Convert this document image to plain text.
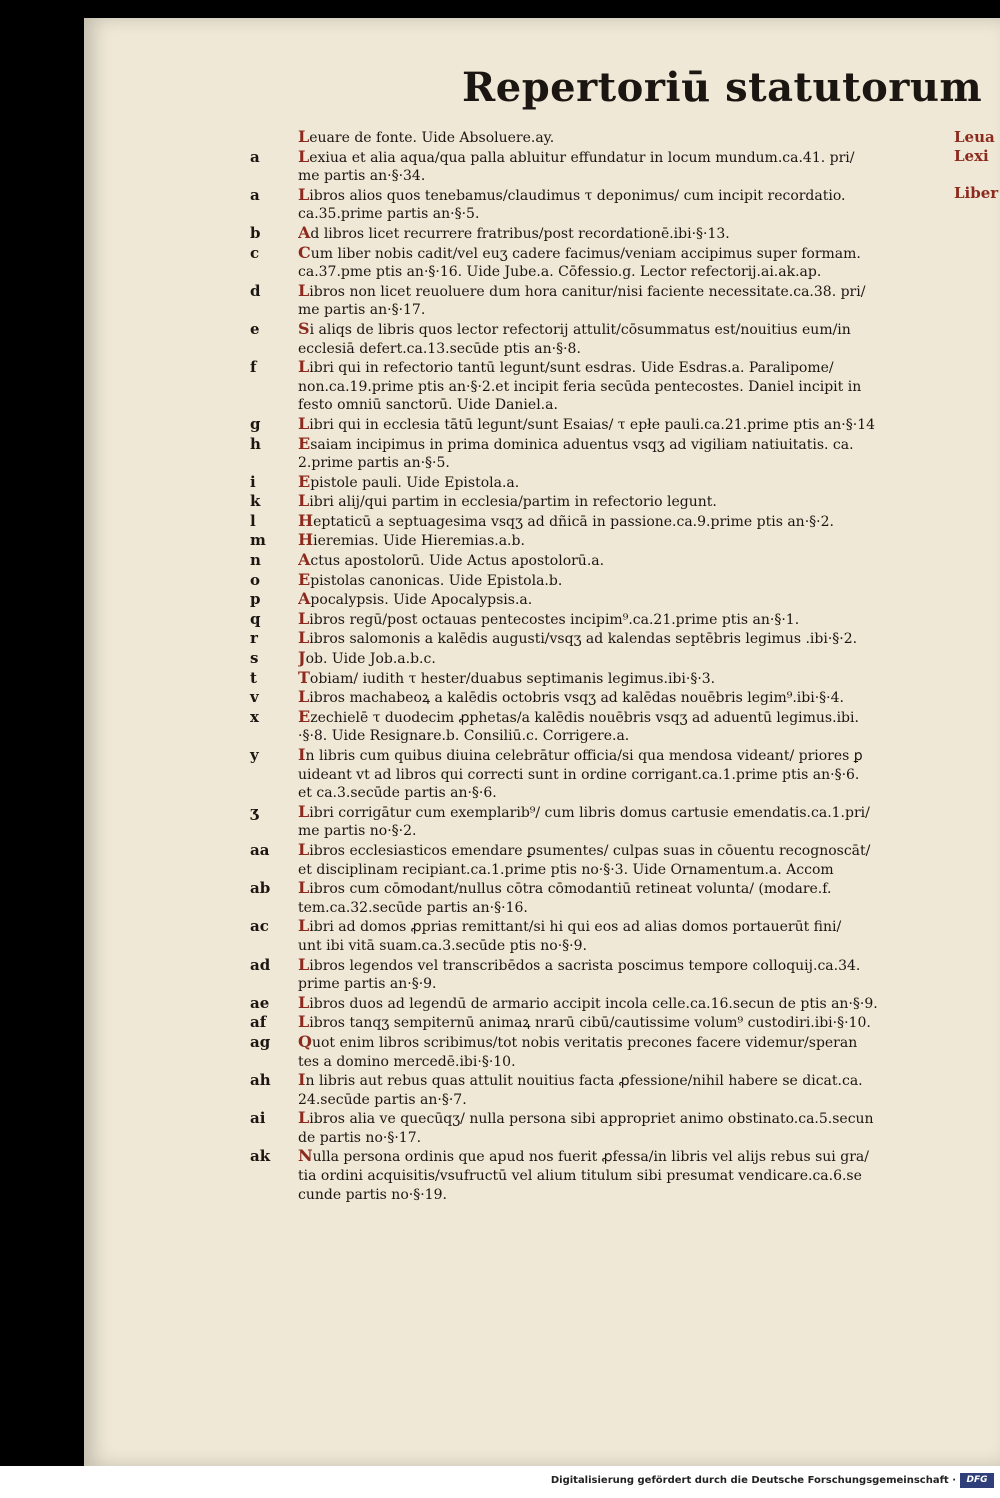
Repertoriū statutorum
Leuare de fonte. Uide Absoluere.ay.
a	Lexiua et alia aqua/qua palla abluitur effundatur in locum mundum.ca.41. pri/
me partis an·§·34.
a	Libros alios quos tenebamus/claudimus τ deponimus/ cum incipit recordatio.
ca.35.prime partis an·§·5.
b	Ad libros licet recurrere fratribus/post recordationē.ibi·§·13.
c	Cum liber nobis cadit/vel euʒ cadere facimus/veniam accipimus super formam.
ca.37.pme ptis an·§·16. Uide Jube.a. Cōfessio.g. Lector refectorij.ai.ak.ap.
d	Libros non licet reuoluere dum hora canitur/nisi faciente necessitate.ca.38. pri/
me partis an·§·17.
e	Si aliqs de libris quos lector refectorij attulit/cōsummatus est/nouitius eum/in
ecclesiā defert.ca.13.secūde ptis an·§·8.
f	Libri qui in refectorio tantū legunt/sunt esdras. Uide Esdras.a. Paralipome/
non.ca.19.prime ptis an·§·2.et incipit feria secūda pentecostes. Daniel incipit in
festo omniū sanctorū. Uide Daniel.a.
g	Libri qui in ecclesia tātū legunt/sunt Esaias/ τ epłe pauli.ca.21.prime ptis an·§·14
h	Esaiam incipimus in prima dominica aduentus vsqʒ ad vigiliam natiuitatis. ca.
2.prime partis an·§·5.
i	Epistole pauli. Uide Epistola.a.
k	Libri alij/qui partim in ecclesia/partim in refectorio legunt.
l	Heptaticū a septuagesima vsqʒ ad dñicā in passione.ca.9.prime ptis an·§·2.
m	Hieremias. Uide Hieremias.a.b.
n	Actus apostolorū. Uide Actus apostolorū.a.
o	Epistolas canonicas. Uide Epistola.b.
p	Apocalypsis. Uide Apocalypsis.a.
q	Libros regū/post octauas pentecostes incipim⁹.ca.21.prime ptis an·§·1.
r	Libros salomonis a kalēdis augusti/vsqʒ ad kalendas septēbris legimus .ibi·§·2.
s	Job. Uide Job.a.b.c.
t	Tobiam/ iudith τ hester/duabus septimanis legimus.ibi·§·3.
v	Libros machabeoꝝ a kalēdis octobris vsqʒ ad kalēdas nouēbris legim⁹.ibi·§·4.
x	Ezechielē τ duodecim ꝓphetas/a kalēdis nouēbris vsqʒ ad aduentū legimus.ibi.
·§·8. Uide Resignare.b. Consiliū.c. Corrigere.a.
y	In libris cum quibus diuina celebrātur officia/si qua mendosa videant/ priores ꝑ
uideant vt ad libros qui correcti sunt in ordine corrigant.ca.1.prime ptis an·§·6.
et ca.3.secūde partis an·§·6.
ʒ	Libri corrigātur cum exemplarib⁹/ cum libris domus cartusie emendatis.ca.1.pri/
me partis no·§·2.
aa	Libros ecclesiasticos emendare ꝑsumentes/ culpas suas in cōuentu recognoscāt/
et disciplinam recipiant.ca.1.prime ptis no·§·3. Uide Ornamentum.a. Accom
ab	Libros cum cōmodant/nullus cōtra cōmodantiū retineat volunta/ (modare.f.
tem.ca.32.secūde partis an·§·16.
ac	Libri ad domos ꝓprias remittant/si hi qui eos ad alias domos portauerūt fini/
unt ibi vitā suam.ca.3.secūde ptis no·§·9.
ad	Libros legendos vel transcribēdos a sacrista poscimus tempore colloquij.ca.34.
prime partis an·§·9.
ae	Libros duos ad legendū de armario accipit incola celle.ca.16.secun de ptis an·§·9.
af	Libros tanqʒ sempiternū animaꝝ nrarū cibū/cautissime volum⁹ custodiri.ibi·§·10.
ag	Quot enim libros scribimus/tot nobis veritatis precones facere videmur/speran
tes a domino mercedē.ibi·§·10.
ah	In libris aut rebus quas attulit nouitius facta ꝓfessione/nihil habere se dicat.ca.
24.secūde partis an·§·7.
ai	Libros alia ve quecūqʒ/ nulla persona sibi appropriet animo obstinato.ca.5.secun
de partis no·§·17.
ak	Nulla persona ordinis que apud nos fuerit ꝓfessa/in libris vel alijs rebus sui gra/
tia ordini acquisitis/vsufructū vel alium titulum sibi presumat vendicare.ca.6.se
cunde partis no·§·19.
Leua
Lexi
Liber
Digitalisierung gefördert durch die Deutsche Forschungsgemeinschaft ·	DFG
